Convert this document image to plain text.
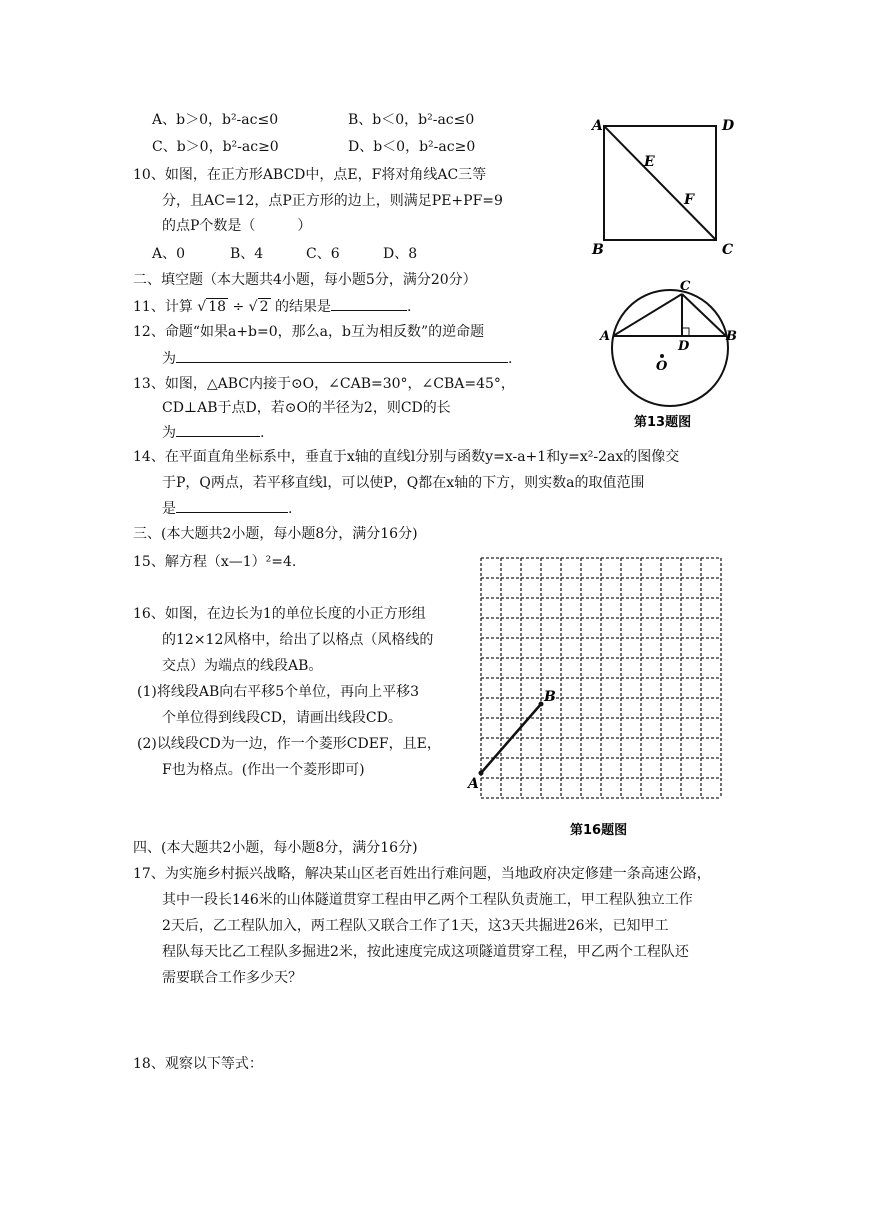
A、b＞0，b²-ac≤0	B、b＜0，b²-ac≤0
C、b＞0，b²-ac≥0	D、b＜0，b²-ac≥0
10、如图，在正方形ABCD中，点E，F将对角线AC三等
分，且AC=12，点P正方形的边上，则满足PE+PF=9
的点P个数是（　　　）
A、0	B、4	C、6	D、8
A	D
B	C
E
F
二、填空题（本大题共4小题，每小题5分，满分20分）
11、计算 √ 18 ÷ √ 2 的结果是	.
12、命题“如果a+b=0，那么a，b互为相反数”的逆命题
为	.
13、如图，△ABC内接于⊙O，∠CAB=30°，∠CBA=45°，
CD⊥AB于点D，若⊙O的半径为2，则CD的长
为	.
C
A	B
D
O
第13题图
14、在平面直角坐标系中，垂直于x轴的直线l分别与函数y=x-a+1和y=x²-2ax的图像交
于P，Q两点，若平移直线l，可以使P，Q都在x轴的下方，则实数a的取值范围
是	.
三、(本大题共2小题，每小题8分，满分16分)
15、解方程（x—1）²=4.
16、如图，在边长为1的单位长度的小正方形组
的12×12风格中，给出了以格点（风格线的
交点）为端点的线段AB。
(1)将线段AB向右平移5个单位，再向上平移3
个单位得到线段CD，请画出线段CD。
(2)以线段CD为一边，作一个菱形CDEF，且E，
F也为格点。(作出一个菱形即可)
A
B
第16题图
四、(本大题共2小题，每小题8分，满分16分)
17、为实施乡村振兴战略，解决某山区老百姓出行难问题，当地政府决定修建一条高速公路，
其中一段长146米的山体隧道贯穿工程由甲乙两个工程队负责施工，甲工程队独立工作
2天后，乙工程队加入，两工程队又联合工作了1天，这3天共掘进26米，已知甲工
程队每天比乙工程队多掘进2米，按此速度完成这项隧道贯穿工程，甲乙两个工程队还
需要联合工作多少天？
18、观察以下等式：
